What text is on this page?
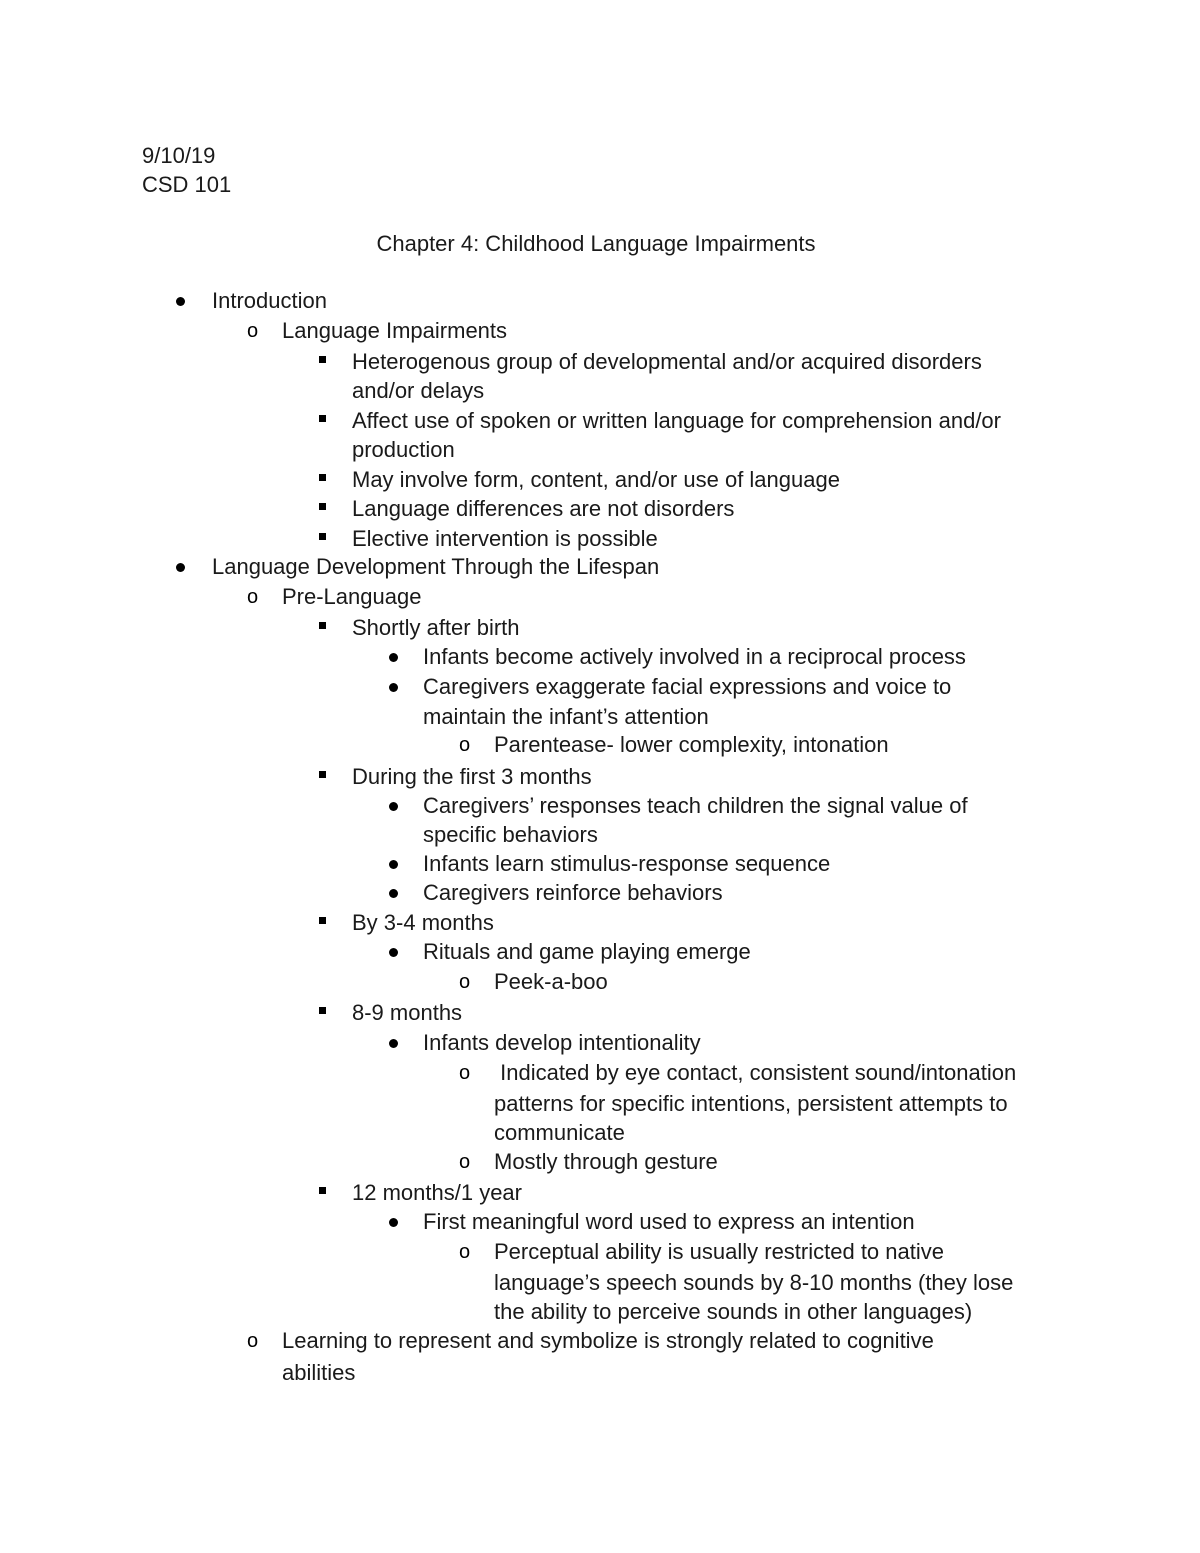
9/10/19
CSD 101
Chapter 4: Childhood Language Impairments
Introduction
o Language Impairments
Heterogenous group of developmental and/or acquired disorders
and/or delays
Affect use of spoken or written language for comprehension and/or
production
May involve form, content, and/or use of language
Language differences are not disorders
Elective intervention is possible
Language Development Through the Lifespan
o Pre-Language
Shortly after birth
Infants become actively involved in a reciprocal process
Caregivers exaggerate facial expressions and voice to
maintain the infant’s attention
o Parentease- lower complexity, intonation
During the first 3 months
Caregivers’ responses teach children the signal value of
specific behaviors
Infants learn stimulus-response sequence
Caregivers reinforce behaviors
By 3-4 months
Rituals and game playing emerge
o Peek-a-boo
8-9 months
Infants develop intentionality
o Indicated by eye contact, consistent sound/intonation
patterns for specific intentions, persistent attempts to
communicate
o Mostly through gesture
12 months/1 year
First meaningful word used to express an intention
o Perceptual ability is usually restricted to native
language’s speech sounds by 8-10 months (they lose
the ability to perceive sounds in other languages)
o Learning to represent and symbolize is strongly related to cognitive
abilities
